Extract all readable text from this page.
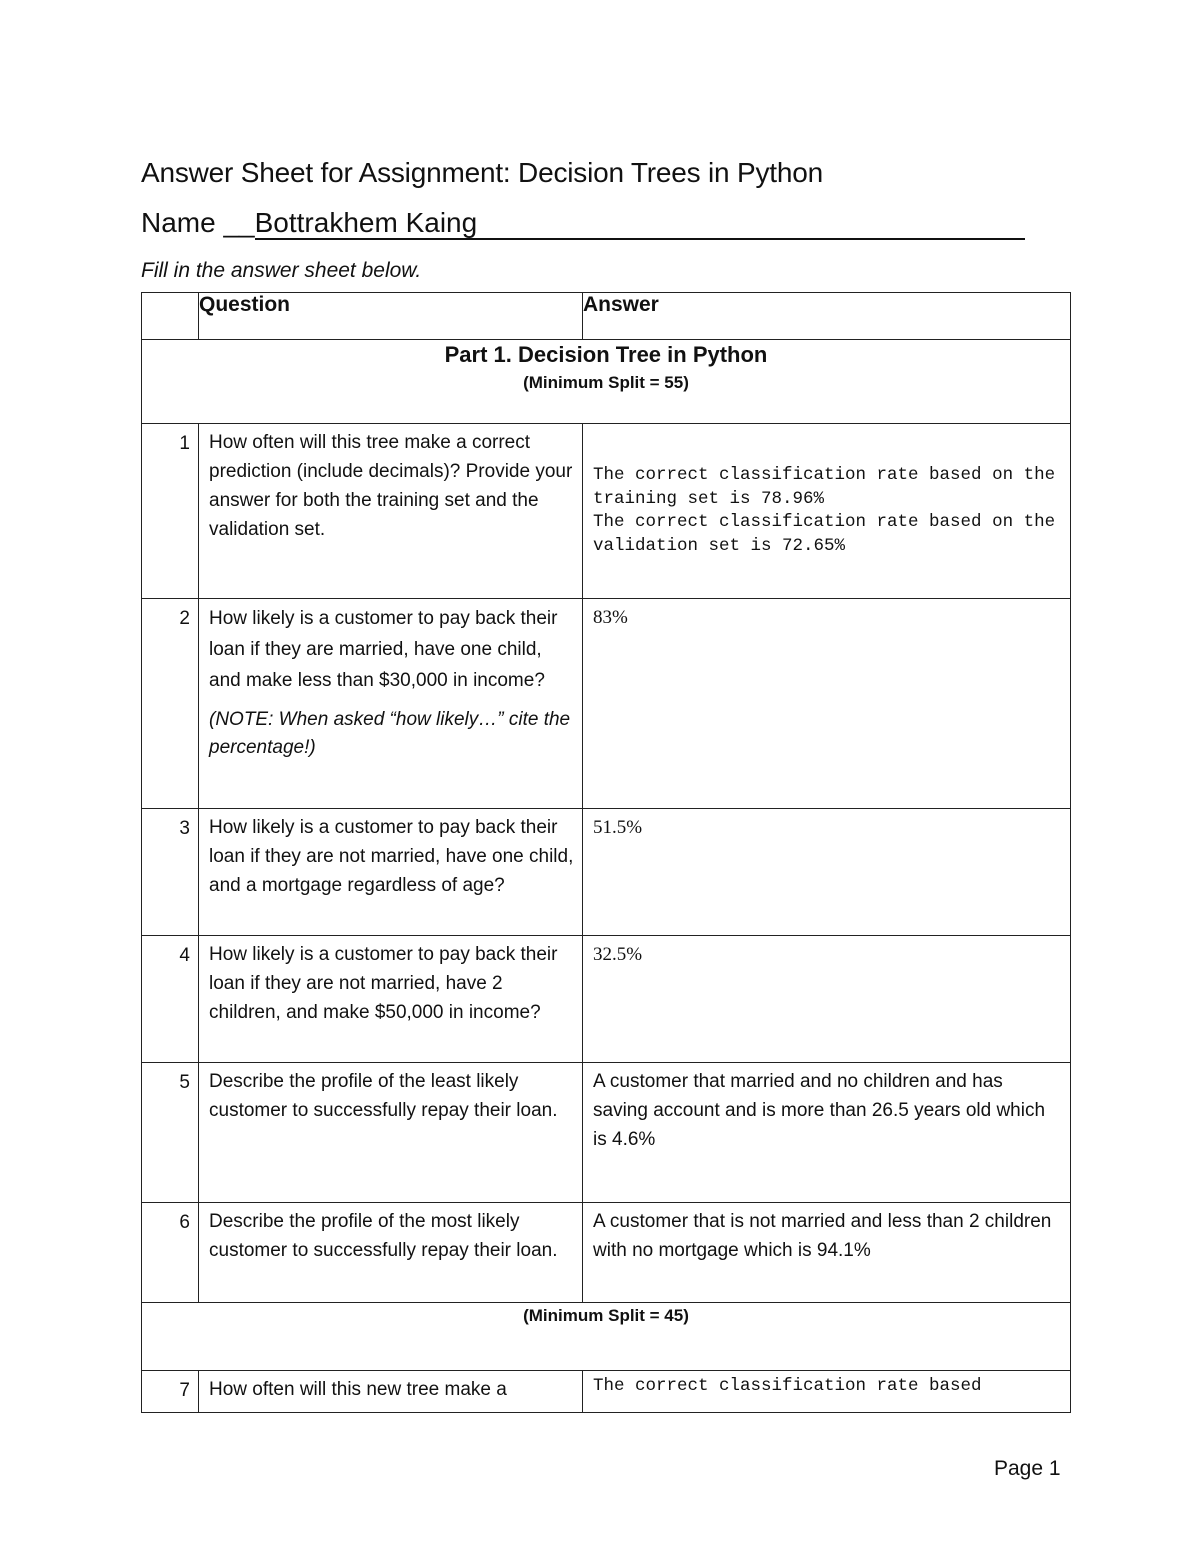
Answer Sheet for Assignment: Decision Trees in Python
Name __Bottrakhem Kaing
Fill in the answer sheet below.
	Question	Answer

Part 1. Decision Tree in Python
(Minimum Split = 55)		

1	How often will this tree make a correct prediction (include decimals)? Provide your answer for both the training set and the validation set.	The correct classification rate based on the training set is 78.96%
The correct classification rate based on the validation set is 72.65%
2	How likely is a customer to pay back their loan if they are married, have one child, and make less than $30,000 in income?
(NOTE: When asked “how likely…” cite the percentage!)	83%
3	How likely is a customer to pay back their loan if they are not married, have one child, and a mortgage regardless of age?	51.5%
4	How likely is a customer to pay back their loan if they are not married, have 2 children, and make $50,000 in income?	32.5%
5	Describe the profile of the least likely customer to successfully repay their loan.	A customer that married and no children and has saving account and is more than 26.5 years old which is 4.6%
6	Describe the profile of the most likely customer to successfully repay their loan.	A customer that is not married and less than 2 children with no mortgage which is 94.1%

(Minimum Split = 45)		

7	How often will this new tree make a	The correct classification rate based
Page 1
